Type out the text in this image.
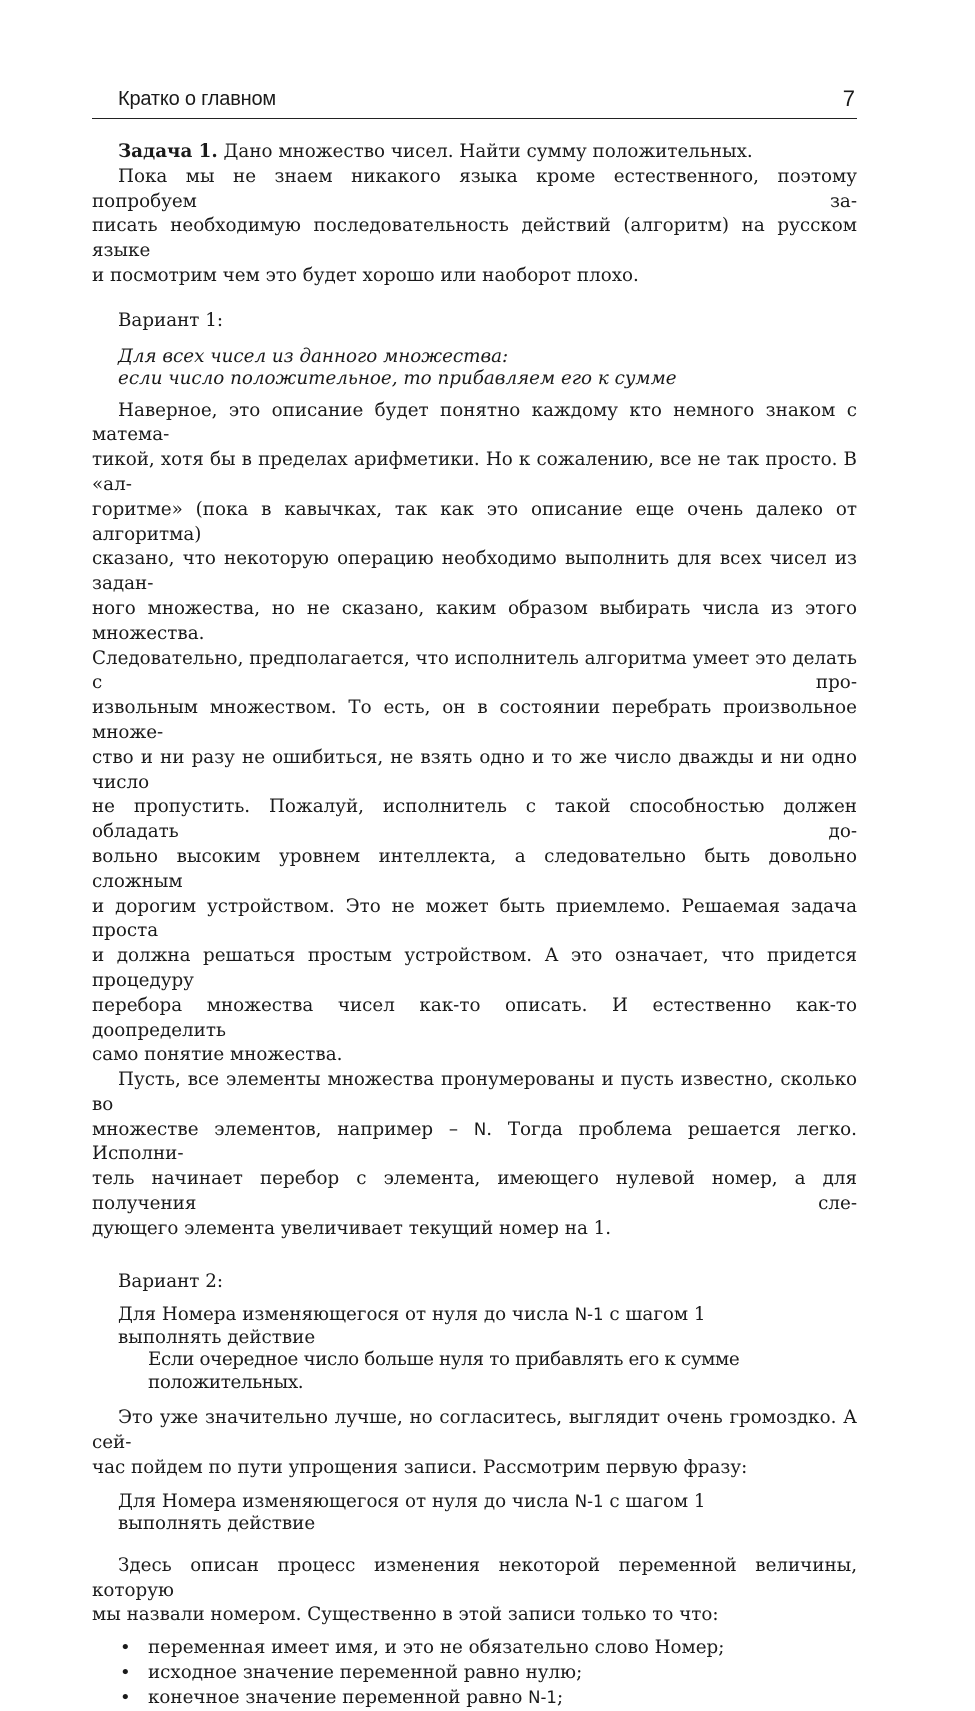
Кратко о главном	7

Задача 1. Дано множество чисел. Найти сумму положительных.

Пока мы не знаем никакого языка кроме естественного, поэтому попробуем за-
писать необходимую последовательность действий (алгоритм) на русском языке
и посмотрим чем это будет хорошо или наоборот плохо.

Вариант 1:

Для всех чисел из данного множества:
если число положительное, то прибавляем его к сумме
Наверное, это описание будет понятно каждому кто немного знаком с матема-
тикой, хотя бы в пределах арифметики. Но к сожалению, все не так просто. В «ал-
горитме» (пока в кавычках, так как это описание еще очень далеко от алгоритма)
сказано, что некоторую операцию необходимо выполнить для всех чисел из задан-
ного множества, но не сказано, каким образом выбирать числа из этого множества.
Следовательно, предполагается, что исполнитель алгоритма умеет это делать с про-
извольным множеством. То есть, он в состоянии перебрать произвольное множе-
ство и ни разу не ошибиться, не взять одно и то же число дважды и ни одно число
не пропустить. Пожалуй, исполнитель с такой способностью должен обладать до-
вольно высоким уровнем интеллекта, а следовательно быть довольно сложным
и дорогим устройством. Это не может быть приемлемо. Решаемая задача проста
и должна решаться простым устройством. А это означает, что придется процедуру
перебора множества чисел как-то описать. И естественно как-то доопределить
само понятие множества.
Пусть, все элементы множества пронумерованы и пусть известно, сколько во
множестве элементов, например – N. Тогда проблема решается легко. Исполни-
тель начинает перебор с элемента, имеющего нулевой номер, а для получения сле-
дующего элемента увеличивает текущий номер на 1.

Вариант 2:

Для Номера изменяющегося от нуля до числа N-1 с шагом 1
выполнять действие
Если очередное число больше нуля то прибавлять его к сумме положительных.
Это уже значительно лучше, но согласитесь, выглядит очень громоздко. А сей-
час пойдем по пути упрощения записи. Рассмотрим первую фразу:
Для Номера изменяющегося от нуля до числа N-1 с шагом 1
выполнять действие
Здесь описан процесс изменения некоторой переменной величины, которую
мы назвали номером. Существенно в этой записи только то что:
• переменная имеет имя, и это не обязательно слово Номер;
• исходное значение переменной равно нулю;
• конечное значение переменной равно N-1;
